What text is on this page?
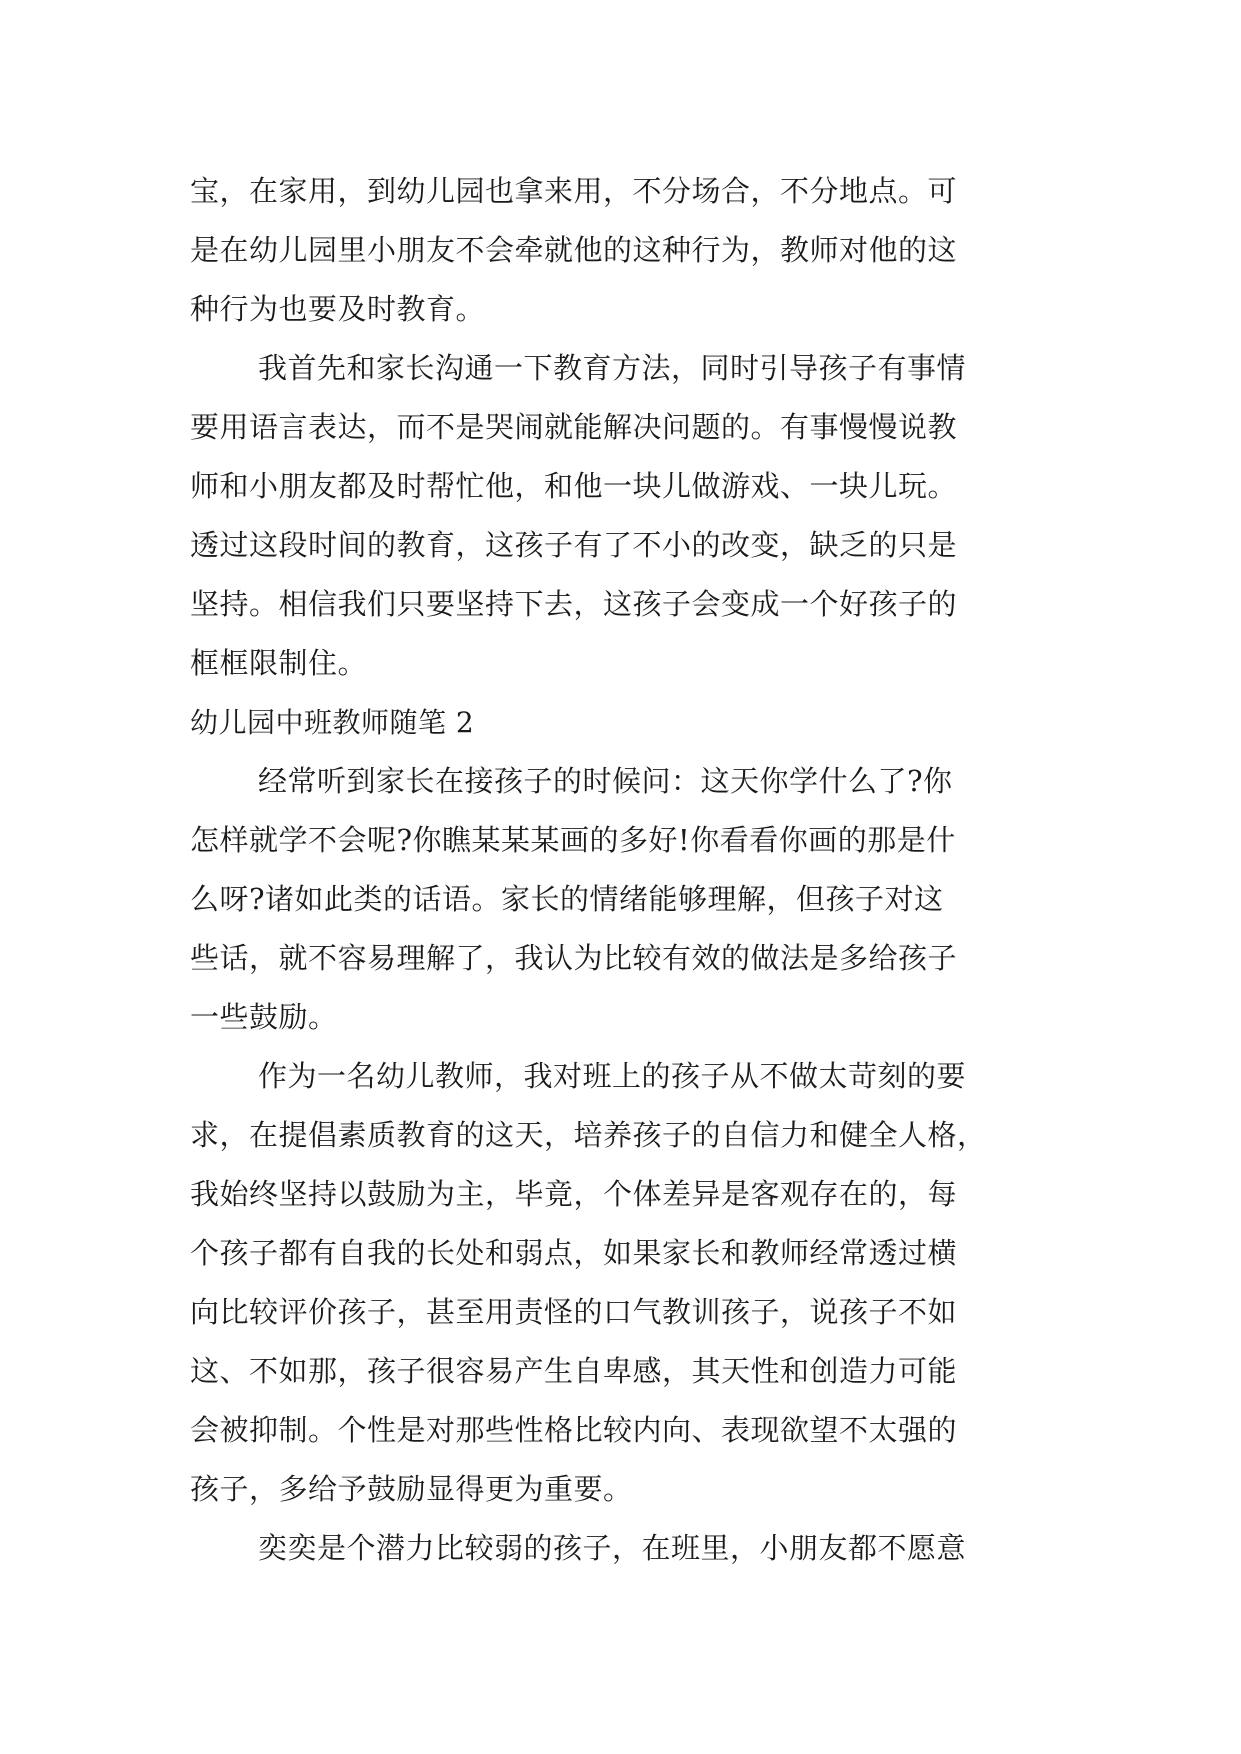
宝，在家用，到幼儿园也拿来用，不分场合，不分地点。可
是在幼儿园里小朋友不会牵就他的这种行为，教师对他的这
种行为也要及时教育。
我首先和家长沟通一下教育方法，同时引导孩子有事情
要用语言表达，而不是哭闹就能解决问题的。有事慢慢说教
师和小朋友都及时帮忙他，和他一块儿做游戏、一块儿玩。
透过这段时间的教育，这孩子有了不小的改变，缺乏的只是
坚持。相信我们只要坚持下去，这孩子会变成一个好孩子的
框框限制住。
幼儿园中班教师随笔 2
经常听到家长在接孩子的时候问：这天你学什么了?你
怎样就学不会呢?你瞧某某某画的多好!你看看你画的那是什
么呀?诸如此类的话语。家长的情绪能够理解，但孩子对这
些话，就不容易理解了，我认为比较有效的做法是多给孩子
一些鼓励。
作为一名幼儿教师，我对班上的孩子从不做太苛刻的要
求，在提倡素质教育的这天，培养孩子的自信力和健全人格，
我始终坚持以鼓励为主，毕竟，个体差异是客观存在的，每
个孩子都有自我的长处和弱点，如果家长和教师经常透过横
向比较评价孩子，甚至用责怪的口气教训孩子，说孩子不如
这、不如那，孩子很容易产生自卑感，其天性和创造力可能
会被抑制。个性是对那些性格比较内向、表现欲望不太强的
孩子，多给予鼓励显得更为重要。
奕奕是个潜力比较弱的孩子，在班里，小朋友都不愿意
